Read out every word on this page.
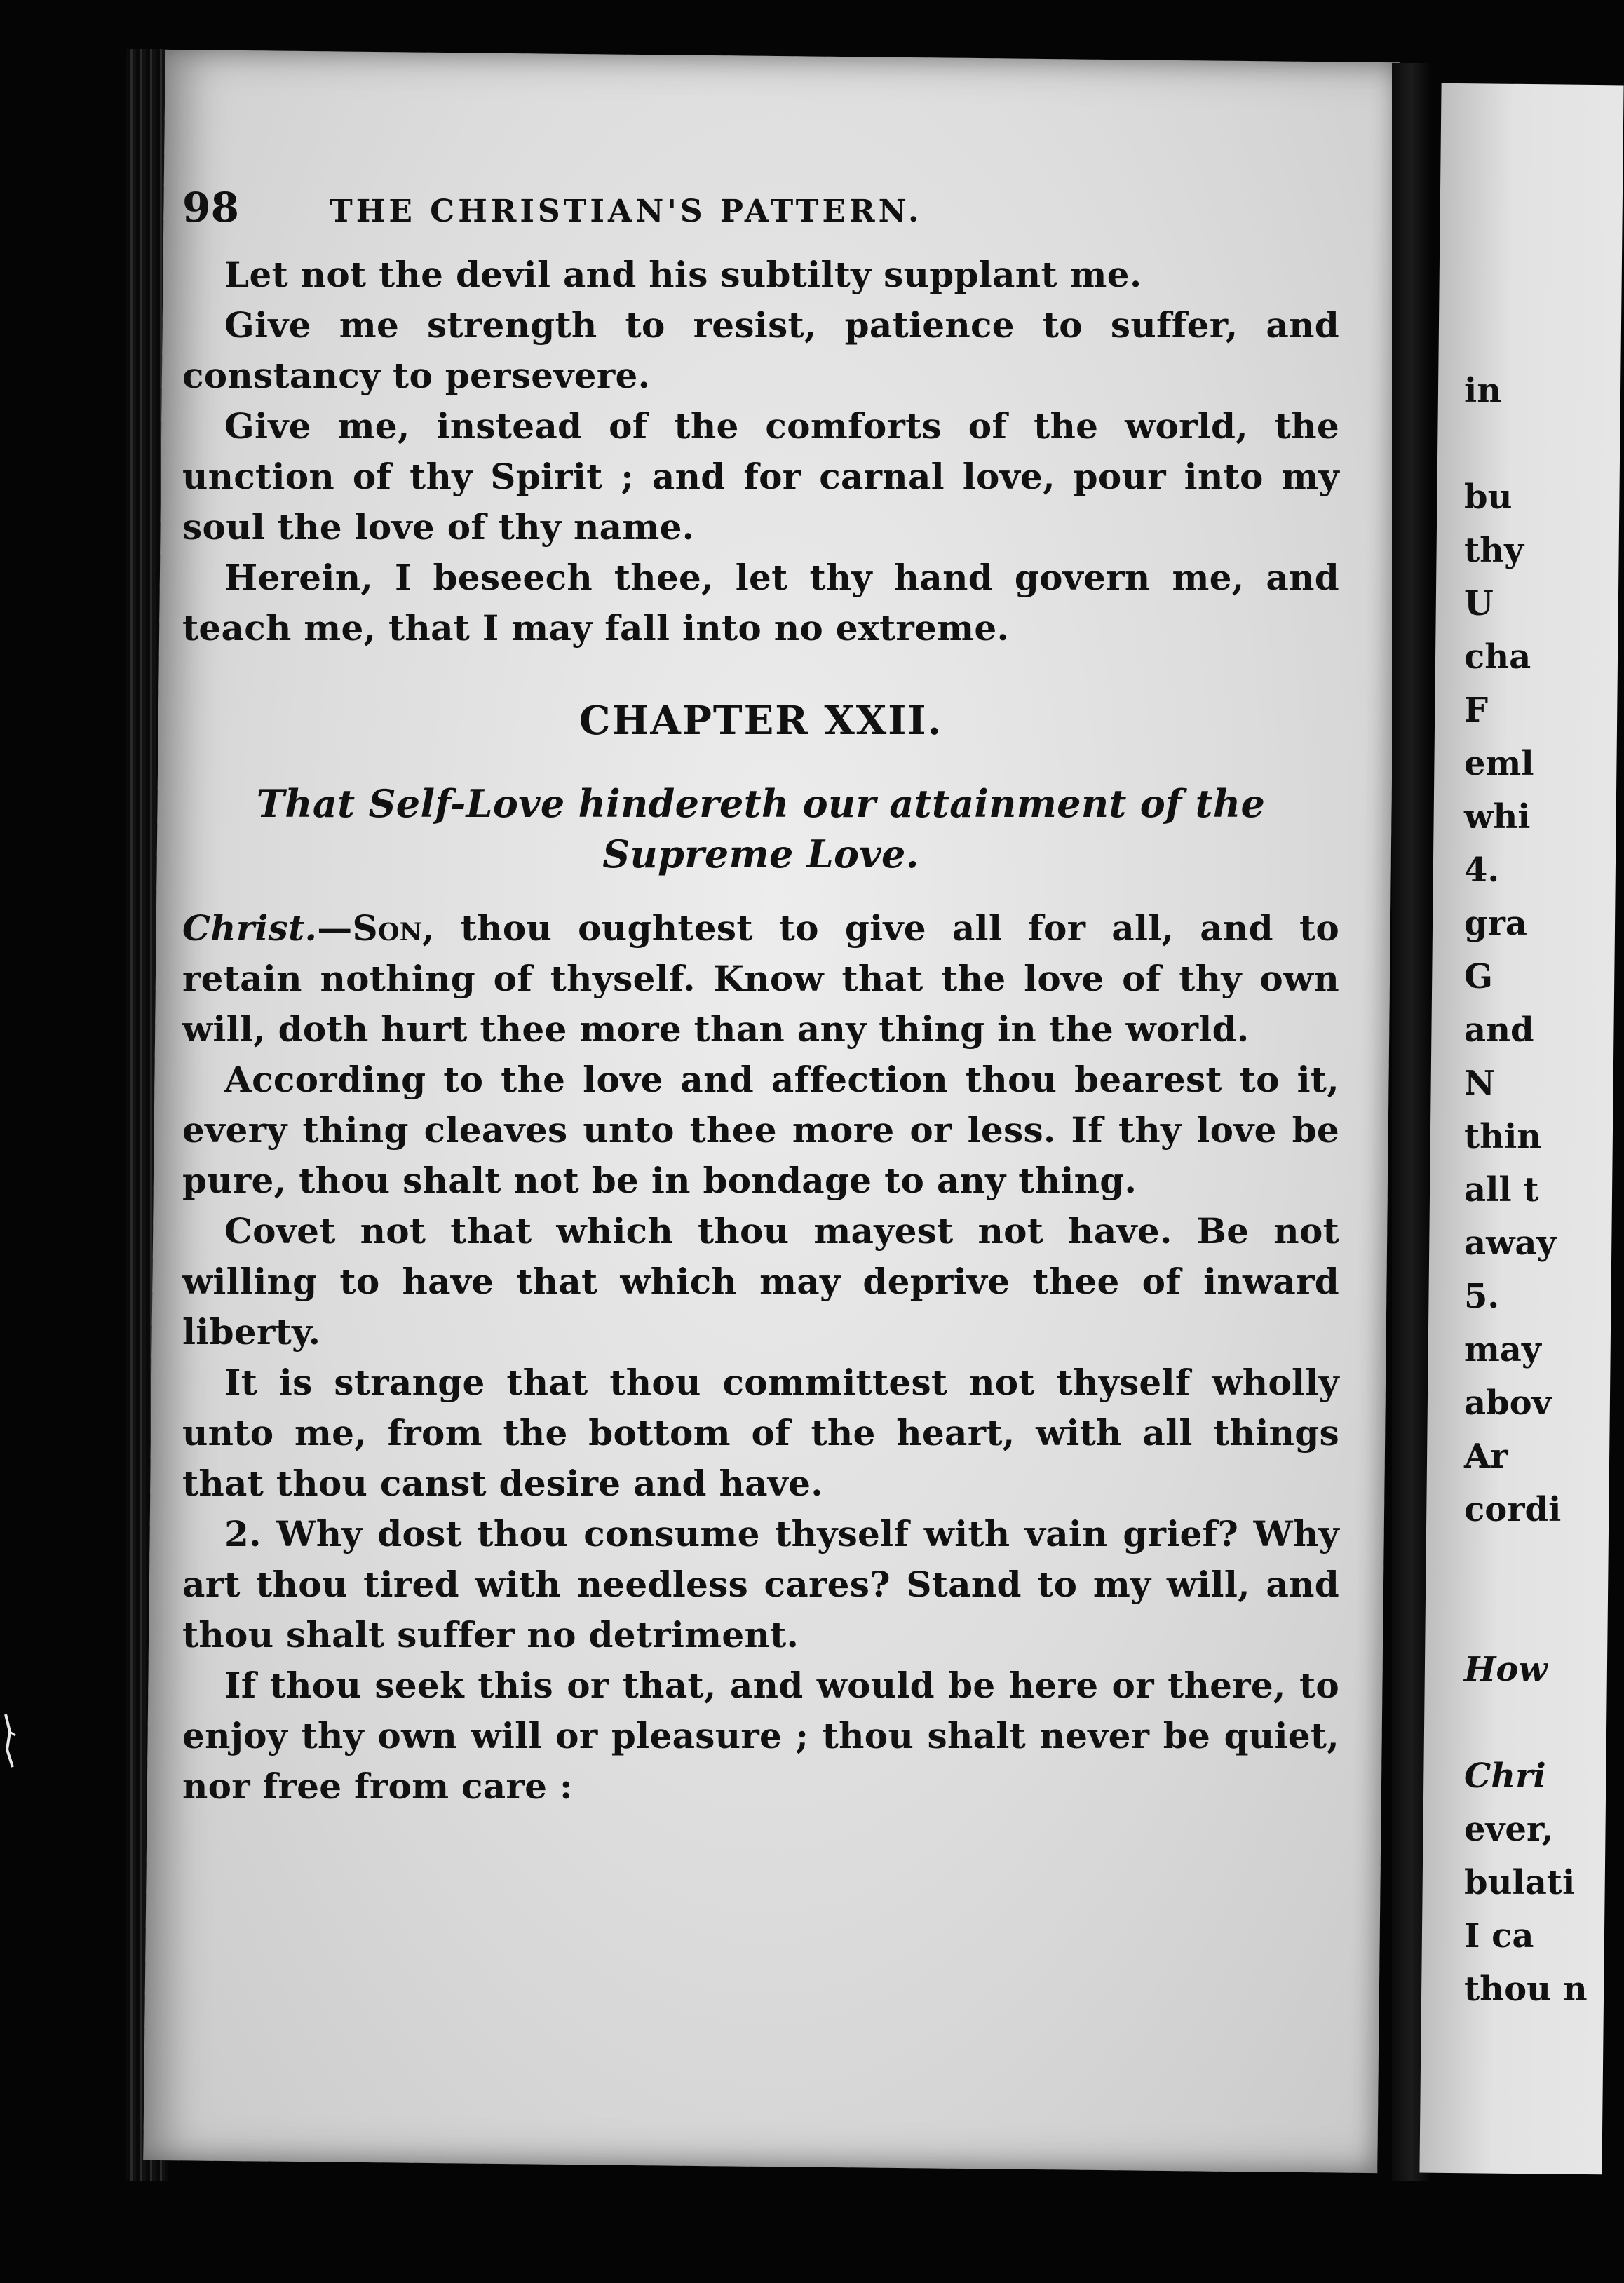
98	THE CHRISTIAN'S PATTERN.

Let not the devil and his subtilty supplant me.

Give me strength to resist, patience to suffer, and constancy to persevere.

Give me, instead of the comforts of the world, the unction of thy Spirit ; and for carnal love, pour into my soul the love of thy name.

Herein, I beseech thee, let thy hand govern me, and teach me, that I may fall into no extreme.

CHAPTER XXII.
That Self-Love hindereth our attainment of the Supreme Love.

Christ.—Son, thou oughtest to give all for all, and to retain nothing of thyself. Know that the love of thy own will, doth hurt thee more than any thing in the world.

According to the love and affection thou bearest to it, every thing cleaves unto thee more or less. If thy love be pure, thou shalt not be in bondage to any thing.

Covet not that which thou mayest not have. Be not willing to have that which may deprive thee of inward liberty.

It is strange that thou committest not thyself wholly unto me, from the bottom of the heart, with all things that thou canst desire and have.

2. Why dost thou consume thyself with vain grief? Why art thou tired with needless cares? Stand to my will, and thou shalt suffer no detriment.

If thou seek this or that, and would be here or there, to enjoy thy own will or pleasure ; thou shalt never be quiet, nor free from care :

in
bu
thy
U
cha
F
eml
whi
4.
gra
G
and
N
thin
all t
away
5.
may
abov
Ar
cordi
How
Chri
ever,
bulati
I ca
thou n
